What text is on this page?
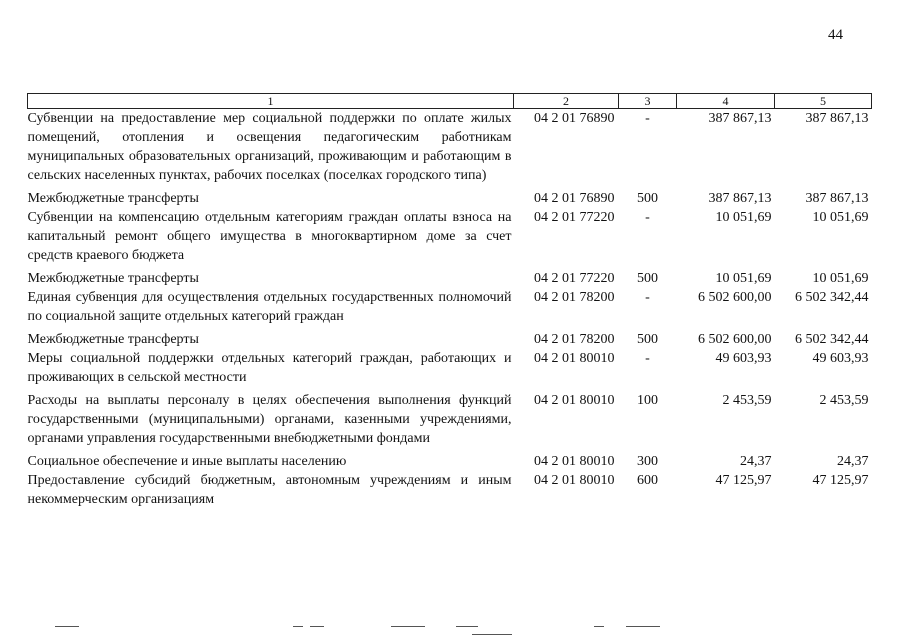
44
1	2	3	4	5
Субвенции на предоставление мер социальной поддержки по оплате жилых помещений, отопления и освещения педагогическим работникам муниципальных образовательных организаций, проживающим и работающим в сельских населенных пунктах, рабочих поселках (поселках городского типа)	04 2 01 76890	-	387 867,13	387 867,13

Межбюджетные трансферты	04 2 01 76890	500	387 867,13	387 867,13
Субвенции на компенсацию отдельным категориям граждан оплаты взноса на капитальный ремонт общего имущества в многоквартирном доме за счет средств краевого бюджета	04 2 01 77220	-	10 051,69	10 051,69

Межбюджетные трансферты	04 2 01 77220	500	10 051,69	10 051,69
Единая субвенция для осуществления отдельных государственных полномочий по социальной защите отдельных категорий граждан	04 2 01 78200	-	6 502 600,00	6 502 342,44

Межбюджетные трансферты	04 2 01 78200	500	6 502 600,00	6 502 342,44
Меры социальной поддержки отдельных категорий граждан, работающих и проживающих в сельской местности	04 2 01 80010	-	49 603,93	49 603,93

Расходы на выплаты персоналу в целях обеспечения выполнения функций государственными (муниципальными) органами, казенными учреждениями, органами управления государственными внебюджетными фондами	04 2 01 80010	100	2 453,59	2 453,59

Социальное обеспечение и иные выплаты населению	04 2 01 80010	300	24,37	24,37
Предоставление субсидий бюджетным, автономным учреждениям и иным некоммерческим организациям	04 2 01 80010	600	47 125,97	47 125,97
